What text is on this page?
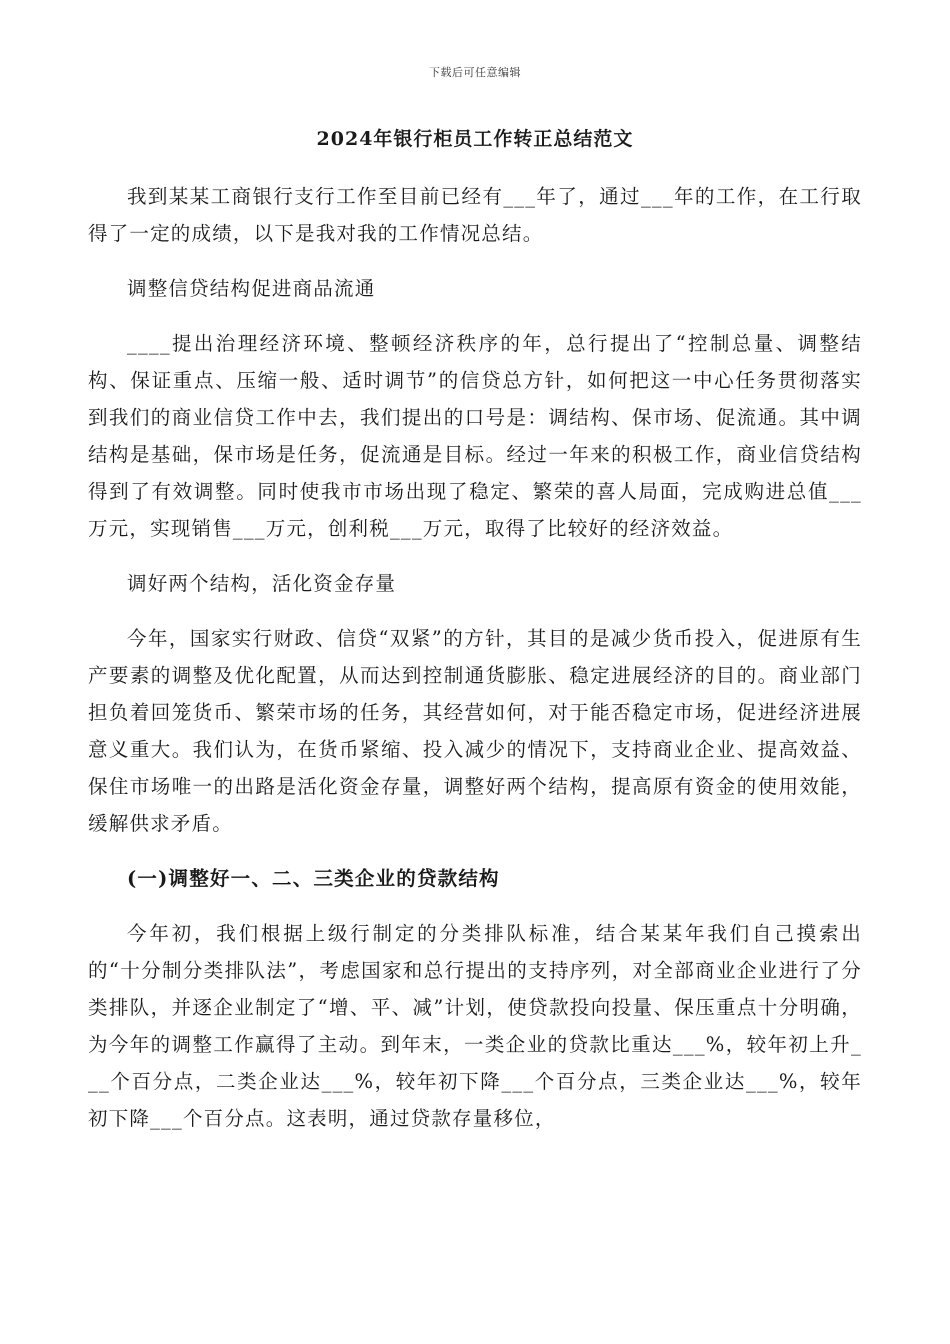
下载后可任意编辑
2024年银行柜员工作转正总结范文

我到某某工商银行支行工作至目前已经有___年了，通过___年的工作，在工行取得了一定的成绩，以下是我对我的工作情况总结。

调整信贷结构促进商品流通

____提出治理经济环境、整顿经济秩序的年，总行提出了“控制总量、调整结构、保证重点、压缩一般、适时调节”的信贷总方针，如何把这一中心任务贯彻落实到我们的商业信贷工作中去，我们提出的口号是：调结构、保市场、促流通。其中调结构是基础，保市场是任务，促流通是目标。经过一年来的积极工作，商业信贷结构得到了有效调整。同时使我市市场出现了稳定、繁荣的喜人局面，完成购进总值___万元，实现销售___万元，创利税___万元，取得了比较好的经济效益。

调好两个结构，活化资金存量

今年，国家实行财政、信贷“双紧”的方针，其目的是减少货币投入，促进原有生产要素的调整及优化配置，从而达到控制通货膨胀、稳定进展经济的目的。商业部门担负着回笼货币、繁荣市场的任务，其经营如何，对于能否稳定市场，促进经济进展意义重大。我们认为，在货币紧缩、投入减少的情况下，支持商业企业、提高效益、保住市场唯一的出路是活化资金存量，调整好两个结构，提高原有资金的使用效能，缓解供求矛盾。

(一)调整好一、二、三类企业的贷款结构

今年初，我们根据上级行制定的分类排队标准，结合某某年我们自己摸索出的“十分制分类排队法”，考虑国家和总行提出的支持序列，对全部商业企业进行了分类排队，并逐企业制定了“增、平、减”计划，使贷款投向投量、保压重点十分明确，为今年的调整工作赢得了主动。到年末，一类企业的贷款比重达___%，较年初上升___个百分点，二类企业达___%，较年初下降___个百分点，三类企业达___%，较年初下降___个百分点。这表明，通过贷款存量移位，
